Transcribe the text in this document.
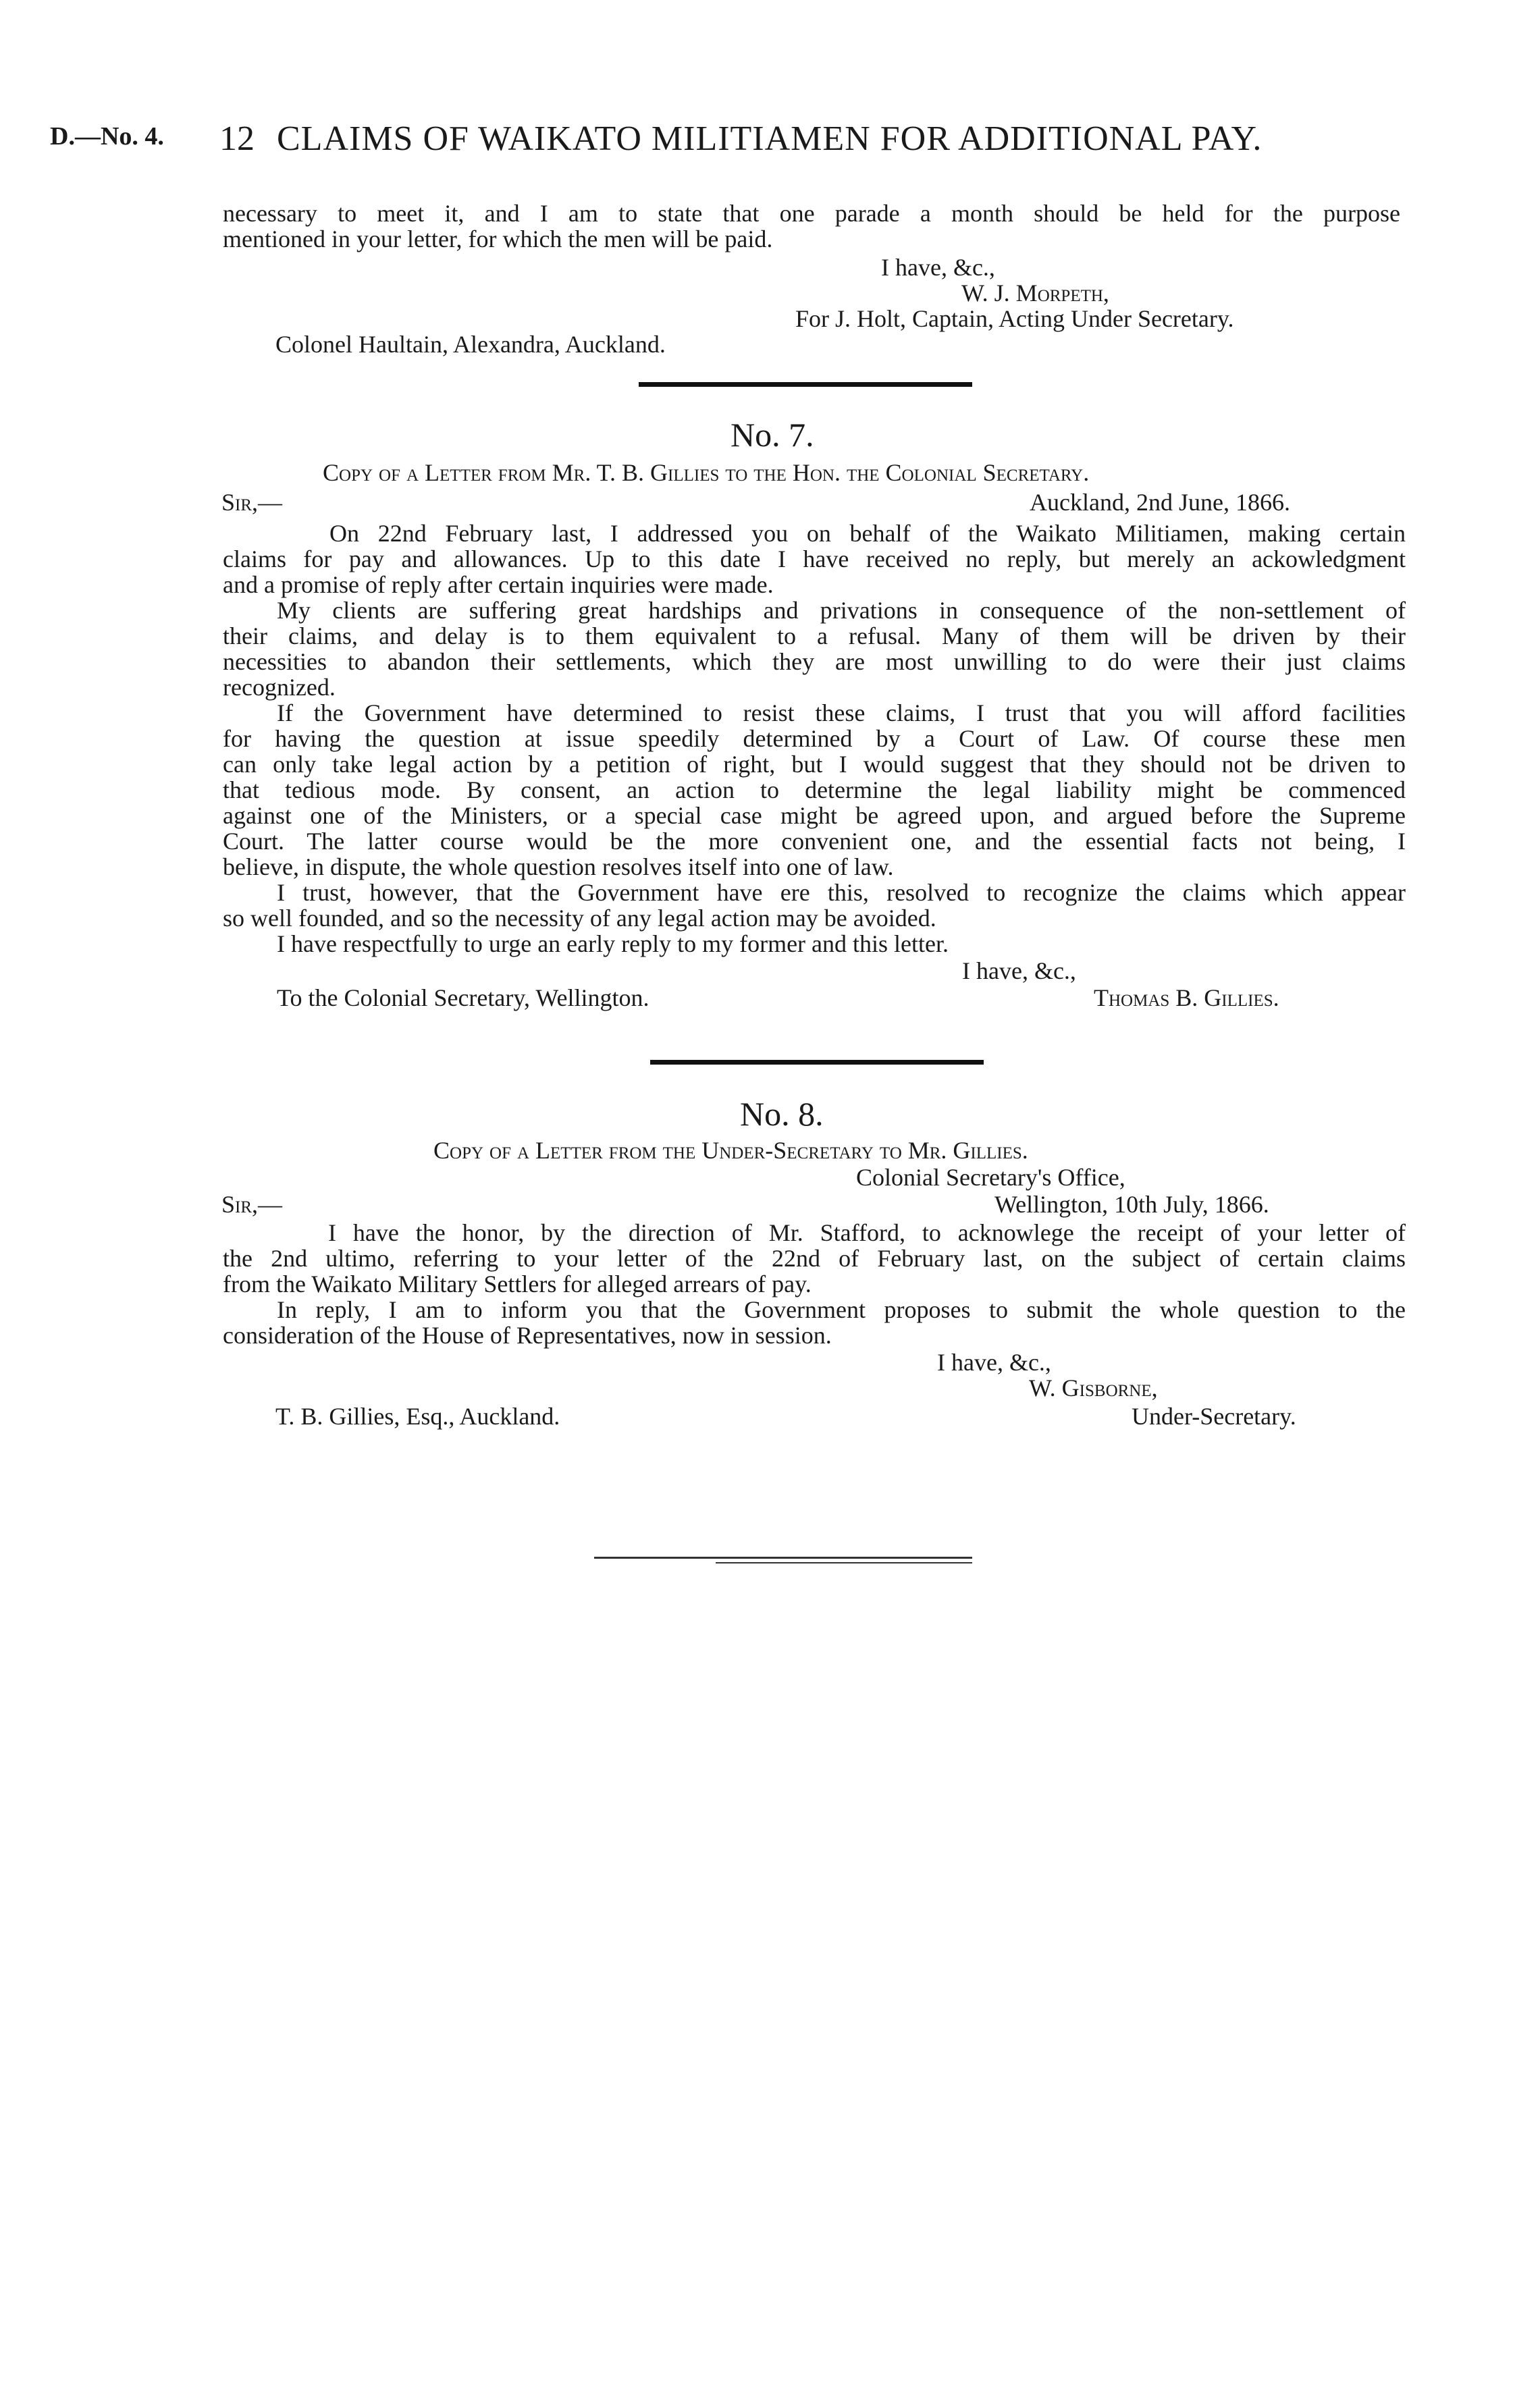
D.—No. 4. 12 CLAIMS OF WAIKATO MILITIAMEN FOR ADDITIONAL PAY.
necessary to meet it, and I am to state that one parade a month should be held for the purpose
mentioned in your letter, for which the men will be paid.
I have, &c.,
W. J. Morpeth,
For J. Holt, Captain, Acting Under Secretary.
Colonel Haultain, Alexandra, Auckland.
No. 7.
Copy of a Letter from Mr. T. B. Gillies to the Hon. the Colonial Secretary.
Sir,—	Auckland, 2nd June, 1866.
On 22nd February last, I addressed you on behalf of the Waikato Militiamen, making certain
claims for pay and allowances. Up to this date I have received no reply, but merely an ackowledgment
and a promise of reply after certain inquiries were made.
My clients are suffering great hardships and privations in consequence of the non-settlement of
their claims, and delay is to them equivalent to a refusal. Many of them will be driven by their
necessities to abandon their settlements, which they are most unwilling to do were their just claims
recognized.
If the Government have determined to resist these claims, I trust that you will afford facilities
for having the question at issue speedily determined by a Court of Law. Of course these men
can only take legal action by a petition of right, but I would suggest that they should not be driven to
that tedious mode. By consent, an action to determine the legal liability might be commenced
against one of the Ministers, or a special case might be agreed upon, and argued before the Supreme
Court. The latter course would be the more convenient one, and the essential facts not being, I
believe, in dispute, the whole question resolves itself into one of law.
I trust, however, that the Government have ere this, resolved to recognize the claims which appear
so well founded, and so the necessity of any legal action may be avoided.
I have respectfully to urge an early reply to my former and this letter.
I have, &c.,
To the Colonial Secretary, Wellington.	Thomas B. Gillies.
No. 8.
Copy of a Letter from the Under-Secretary to Mr. Gillies.
Colonial Secretary's Office,
Sir,—	Wellington, 10th July, 1866.
I have the honor, by the direction of Mr. Stafford, to acknowlege the receipt of your letter of
the 2nd ultimo, referring to your letter of the 22nd of February last, on the subject of certain claims
from the Waikato Military Settlers for alleged arrears of pay.
In reply, I am to inform you that the Government proposes to submit the whole question to the
consideration of the House of Representatives, now in session.
I have, &c.,
W. Gisborne,
T. B. Gillies, Esq., Auckland.	Under-Secretary.
